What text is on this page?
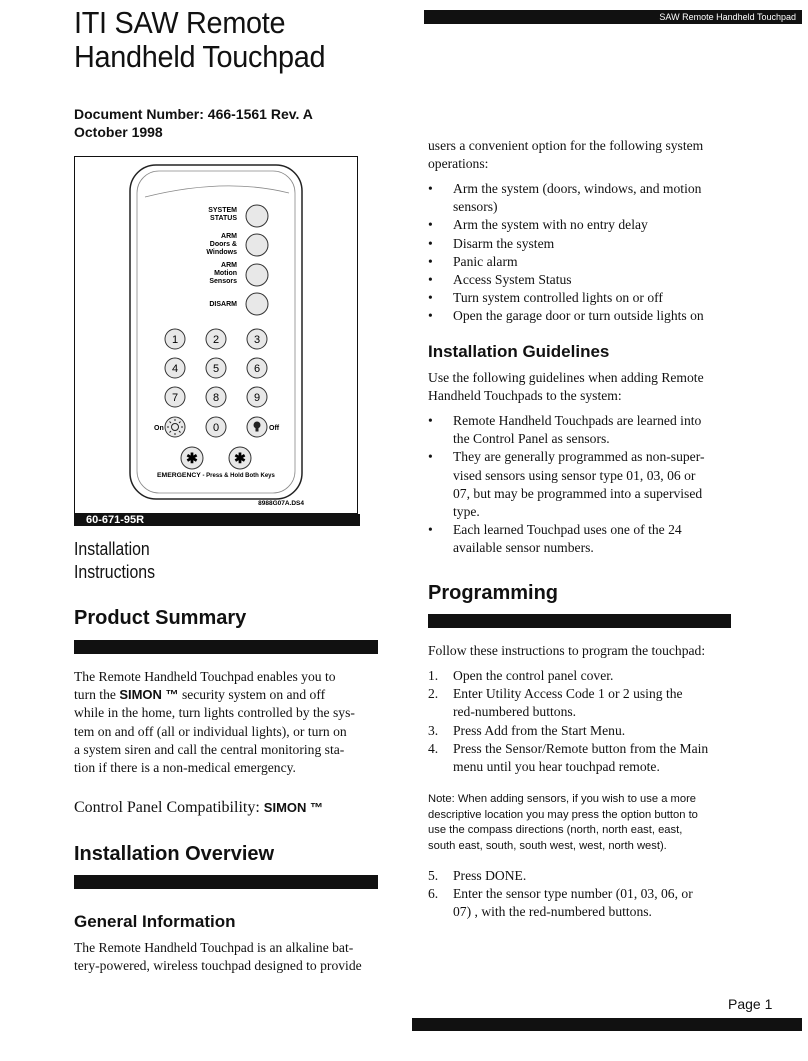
SAW Remote Handheld Touchpad
ITI SAW Remote
Handheld Touchpad
Document Number: 466-1561 Rev. A
October 1998
SYSTEM
STATUS
ARM
Doors &
Windows
ARM
Motion
Sensors
DISARM
1	2	3
4	5	6
7	8	9
0
On	Off
✱	✱
EMERGENCY - Press & Hold Both Keys
8988G07A.DS4
60-671-95R
Installation
Instructions
Product Summary
The Remote Handheld Touchpad enables you to
turn the SIMON ™ security system on and off
while in the home, turn lights controlled by the sys-
tem on and off (all or individual lights), or turn on
a system siren and call the central monitoring sta-
tion if there is a non-medical emergency.
Control Panel Compatibility: SIMON ™
Installation Overview
General Information
The Remote Handheld Touchpad is an alkaline bat-
tery-powered, wireless touchpad designed to provide
users a convenient option for the following system
operations:
• Arm the system (doors, windows, and motion
sensors)
• Arm the system with no entry delay
• Disarm the system
• Panic alarm
• Access System Status
• Turn system controlled lights on or off
• Open the garage door or turn outside lights on
Installation Guidelines
Use the following guidelines when adding Remote
Handheld Touchpads to the system:
• Remote Handheld Touchpads are learned into
the Control Panel as sensors.
• They are generally programmed as non-super-
vised sensors using sensor type 01, 03, 06 or
07, but may be programmed into a supervised
type.
• Each learned Touchpad uses one of the 24
available sensor numbers.
Programming
Follow these instructions to program the touchpad:
1. Open the control panel cover.
2. Enter Utility Access Code 1 or 2 using the
red-numbered buttons.
3. Press Add from the Start Menu.
4. Press the Sensor/Remote button from the Main
menu until you hear touchpad remote.
Note: When adding sensors, if you wish to use a more
descriptive location you may press the option button to
use the compass directions (north, north east, east,
south east, south, south west, west, north west).
5. Press DONE.
6. Enter the sensor type number (01, 03, 06, or
07) , with the red-numbered buttons.
Page 1
